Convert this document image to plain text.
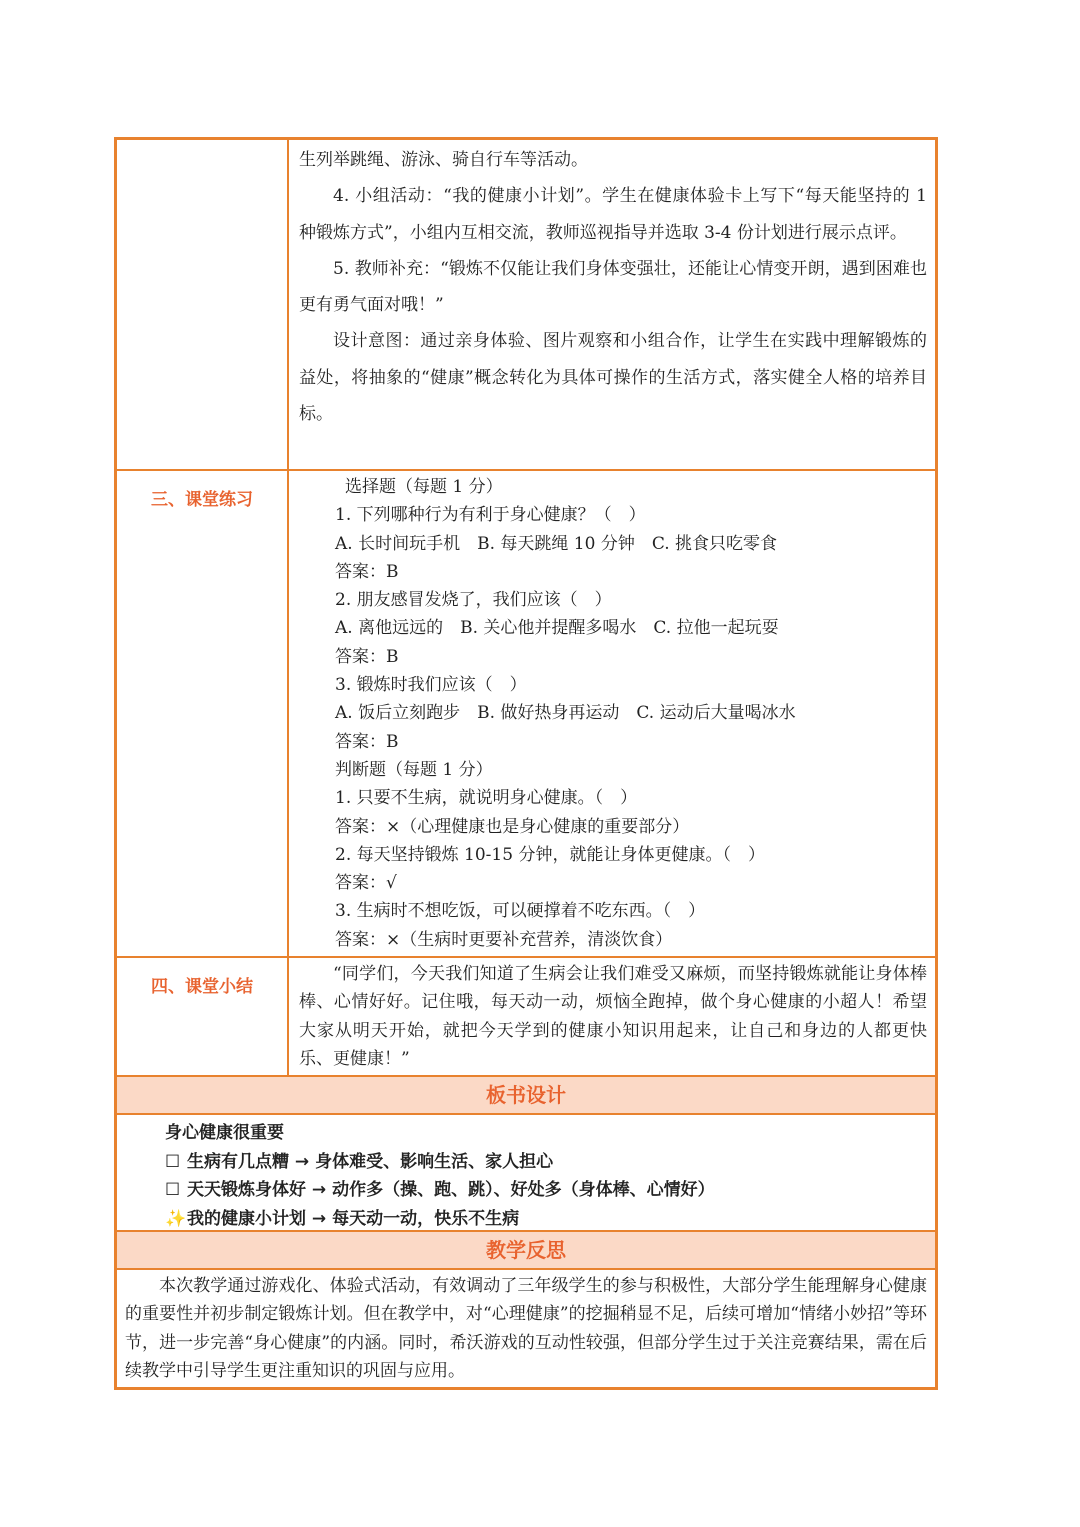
生列举跳绳、游泳、骑自行车等活动。

4. 小组活动：“我的健康小计划”。学生在健康体验卡上写下“每天能坚持的 1 种锻炼方式”，小组内互相交流，教师巡视指导并选取 3-4 份计划进行展示点评。

5. 教师补充：“锻炼不仅能让我们身体变强壮，还能让心情变开朗，遇到困难也更有勇气面对哦！”

设计意图：通过亲身体验、图片观察和小组合作，让学生在实践中理解锻炼的益处，将抽象的“健康”概念转化为具体可操作的生活方式，落实健全人格的培养目标。

三、课堂练习

选择题（每题 1 分）

1. 下列哪种行为有利于身心健康？（　）

A. 长时间玩手机　B. 每天跳绳 10 分钟　C. 挑食只吃零食

答案：B

2. 朋友感冒发烧了，我们应该（　）

A. 离他远远的　B. 关心他并提醒多喝水　C. 拉他一起玩耍

答案：B

3. 锻炼时我们应该（　）

A. 饭后立刻跑步　B. 做好热身再运动　C. 运动后大量喝冰水

答案：B

判断题（每题 1 分）

1. 只要不生病，就说明身心健康。（　）

答案：×（心理健康也是身心健康的重要部分）

2. 每天坚持锻炼 10-15 分钟，就能让身体更健康。（　）

答案：√

3. 生病时不想吃饭，可以硬撑着不吃东西。（　）

答案：×（生病时更要补充营养，清淡饮食）

四、课堂小结

“同学们，今天我们知道了生病会让我们难受又麻烦，而坚持锻炼就能让身体棒棒、心情好好。记住哦，每天动一动，烦恼全跑掉，做个身心健康的小超人！希望大家从明天开始，就把今天学到的健康小知识用起来，让自己和身边的人都更快乐、更健康！”

板书设计

身心健康很重要

☐ 生病有几点糟 → 身体难受、影响生活、家人担心

☐ 天天锻炼身体好 → 动作多（操、跑、跳）、好处多（身体棒、心情好）

✨我的健康小计划 → 每天动一动，快乐不生病

教学反思

本次教学通过游戏化、体验式活动，有效调动了三年级学生的参与积极性，大部分学生能理解身心健康的重要性并初步制定锻炼计划。但在教学中，对“心理健康”的挖掘稍显不足，后续可增加“情绪小妙招”等环节，进一步完善“身心健康”的内涵。同时，希沃游戏的互动性较强，但部分学生过于关注竞赛结果，需在后续教学中引导学生更注重知识的巩固与应用。
